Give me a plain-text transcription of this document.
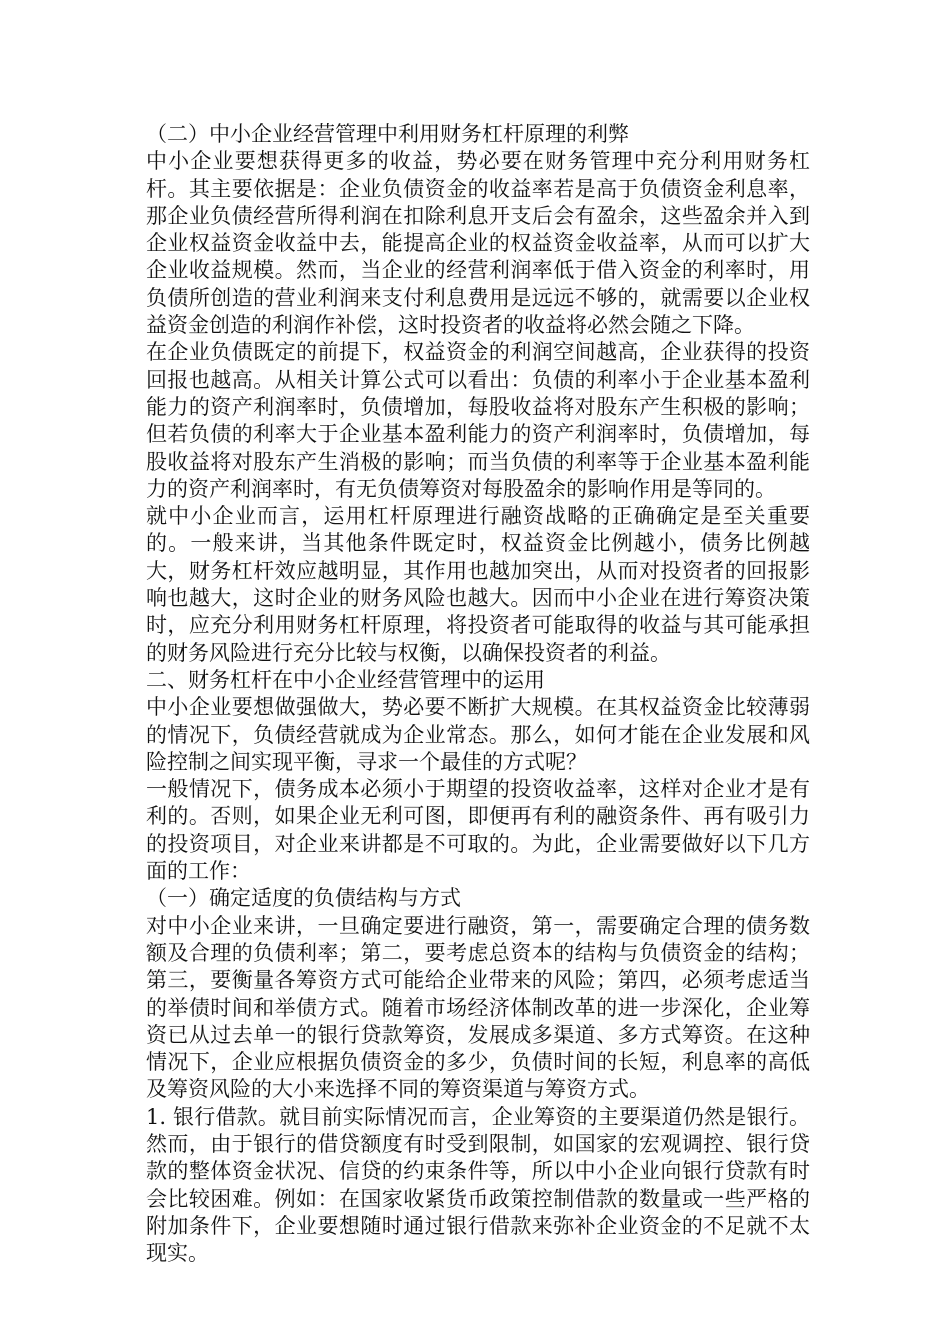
（二）中小企业经营管理中利用财务杠杆原理的利弊

中小企业要想获得更多的收益，势必要在财务管理中充分利用财务杠杆。其主要依据是：企业负债资金的收益率若是高于负债资金利息率，那企业负债经营所得利润在扣除利息开支后会有盈余，这些盈余并入到企业权益资金收益中去，能提高企业的权益资金收益率，从而可以扩大企业收益规模。然而，当企业的经营利润率低于借入资金的利率时，用负债所创造的营业利润来支付利息费用是远远不够的，就需要以企业权益资金创造的利润作补偿，这时投资者的收益将必然会随之下降。

在企业负债既定的前提下，权益资金的利润空间越高，企业获得的投资回报也越高。从相关计算公式可以看出：负债的利率小于企业基本盈利能力的资产利润率时，负债增加，每股收益将对股东产生积极的影响；但若负债的利率大于企业基本盈利能力的资产利润率时，负债增加，每股收益将对股东产生消极的影响；而当负债的利率等于企业基本盈利能力的资产利润率时，有无负债筹资对每股盈余的影响作用是等同的。

就中小企业而言，运用杠杆原理进行融资战略的正确确定是至关重要的。一般来讲，当其他条件既定时，权益资金比例越小，债务比例越大，财务杠杆效应越明显，其作用也越加突出，从而对投资者的回报影响也越大，这时企业的财务风险也越大。因而中小企业在进行筹资决策时，应充分利用财务杠杆原理，将投资者可能取得的收益与其可能承担的财务风险进行充分比较与权衡，以确保投资者的利益。

二、财务杠杆在中小企业经营管理中的运用

中小企业要想做强做大，势必要不断扩大规模。在其权益资金比较薄弱的情况下，负债经营就成为企业常态。那么，如何才能在企业发展和风险控制之间实现平衡，寻求一个最佳的方式呢？

一般情况下，债务成本必须小于期望的投资收益率，这样对企业才是有利的。否则，如果企业无利可图，即便再有利的融资条件、再有吸引力的投资项目，对企业来讲都是不可取的。为此，企业需要做好以下几方面的工作：

（一）确定适度的负债结构与方式

对中小企业来讲，一旦确定要进行融资，第一，需要确定合理的债务数额及合理的负债利率；第二，要考虑总资本的结构与负债资金的结构；第三，要衡量各筹资方式可能给企业带来的风险；第四，必须考虑适当的举债时间和举债方式。随着市场经济体制改革的进一步深化，企业筹资已从过去单一的银行贷款筹资，发展成多渠道、多方式筹资。在这种情况下，企业应根据负债资金的多少，负债时间的长短，利息率的高低及筹资风险的大小来选择不同的筹资渠道与筹资方式。

1. 银行借款。就目前实际情况而言，企业筹资的主要渠道仍然是银行。然而，由于银行的借贷额度有时受到限制，如国家的宏观调控、银行贷款的整体资金状况、信贷的约束条件等，所以中小企业向银行贷款有时会比较困难。例如：在国家收紧货币政策控制借款的数量或一些严格的附加条件下，企业要想随时通过银行借款来弥补企业资金的不足就不太现实。
